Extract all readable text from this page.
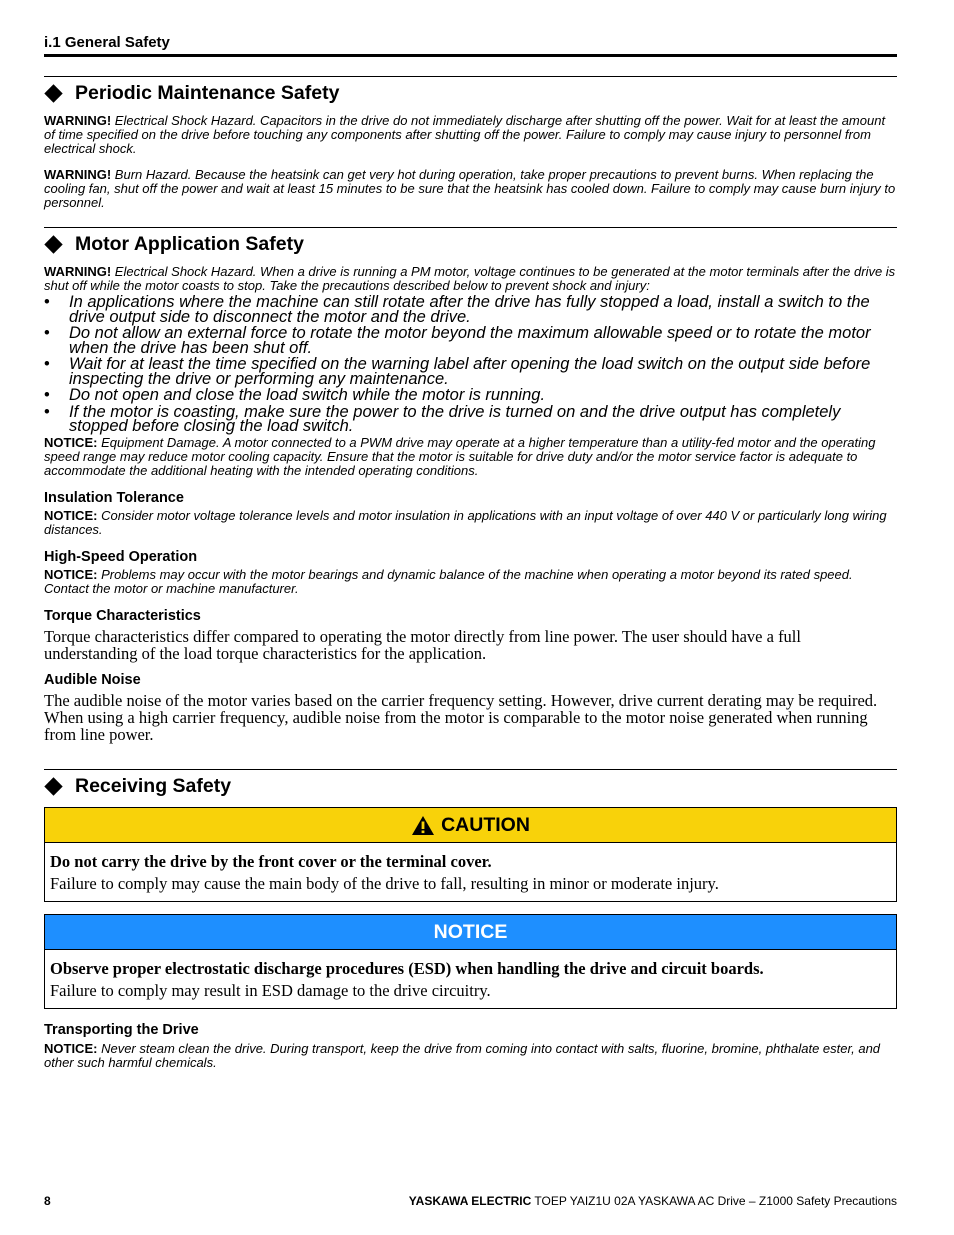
i.1 General Safety
Periodic Maintenance Safety

WARNING! Electrical Shock Hazard. Capacitors in the drive do not immediately discharge after shutting off the power. Wait for at least the amount of time specified on the drive before touching any components after shutting off the power. Failure to comply may cause injury to personnel from electrical shock.

WARNING! Burn Hazard. Because the heatsink can get very hot during operation, take proper precautions to prevent burns. When replacing the cooling fan, shut off the power and wait at least 15 minutes to be sure that the heatsink has cooled down. Failure to comply may cause burn injury to personnel.

Motor Application Safety

WARNING! Electrical Shock Hazard. When a drive is running a PM motor, voltage continues to be generated at the motor terminals after the drive is shut off while the motor coasts to stop. Take the precautions described below to prevent shock and injury:

• In applications where the machine can still rotate after the drive has fully stopped a load, install a switch to the drive output side to disconnect the motor and the drive.
• Do not allow an external force to rotate the motor beyond the maximum allowable speed or to rotate the motor when the drive has been shut off.
• Wait for at least the time specified on the warning label after opening the load switch on the output side before inspecting the drive or performing any maintenance.
• Do not open and close the load switch while the motor is running.
• If the motor is coasting, make sure the power to the drive is turned on and the drive output has completely stopped before closing the load switch.

NOTICE: Equipment Damage. A motor connected to a PWM drive may operate at a higher temperature than a utility-fed motor and the operating speed range may reduce motor cooling capacity. Ensure that the motor is suitable for drive duty and/or the motor service factor is adequate to accommodate the additional heating with the intended operating conditions.

Insulation Tolerance

NOTICE: Consider motor voltage tolerance levels and motor insulation in applications with an input voltage of over 440 V or particularly long wiring distances.

High-Speed Operation

NOTICE: Problems may occur with the motor bearings and dynamic balance of the machine when operating a motor beyond its rated speed. Contact the motor or machine manufacturer.

Torque Characteristics

Torque characteristics differ compared to operating the motor directly from line power. The user should have a full understanding of the load torque characteristics for the application.

Audible Noise

The audible noise of the motor varies based on the carrier frequency setting. However, drive current derating may be required. When using a high carrier frequency, audible noise from the motor is comparable to the motor noise generated when running from line power.

Receiving Safety
CAUTION
Do not carry the drive by the front cover or the terminal cover.
Failure to comply may cause the main body of the drive to fall, resulting in minor or moderate injury.
NOTICE
Observe proper electrostatic discharge procedures (ESD) when handling the drive and circuit boards.
Failure to comply may result in ESD damage to the drive circuitry.
Transporting the Drive

NOTICE: Never steam clean the drive. During transport, keep the drive from coming into contact with salts, fluorine, bromine, phthalate ester, and other such harmful chemicals.

8	YASKAWA ELECTRIC TOEP YAIZ1U 02A YASKAWA AC Drive – Z1000 Safety Precautions
